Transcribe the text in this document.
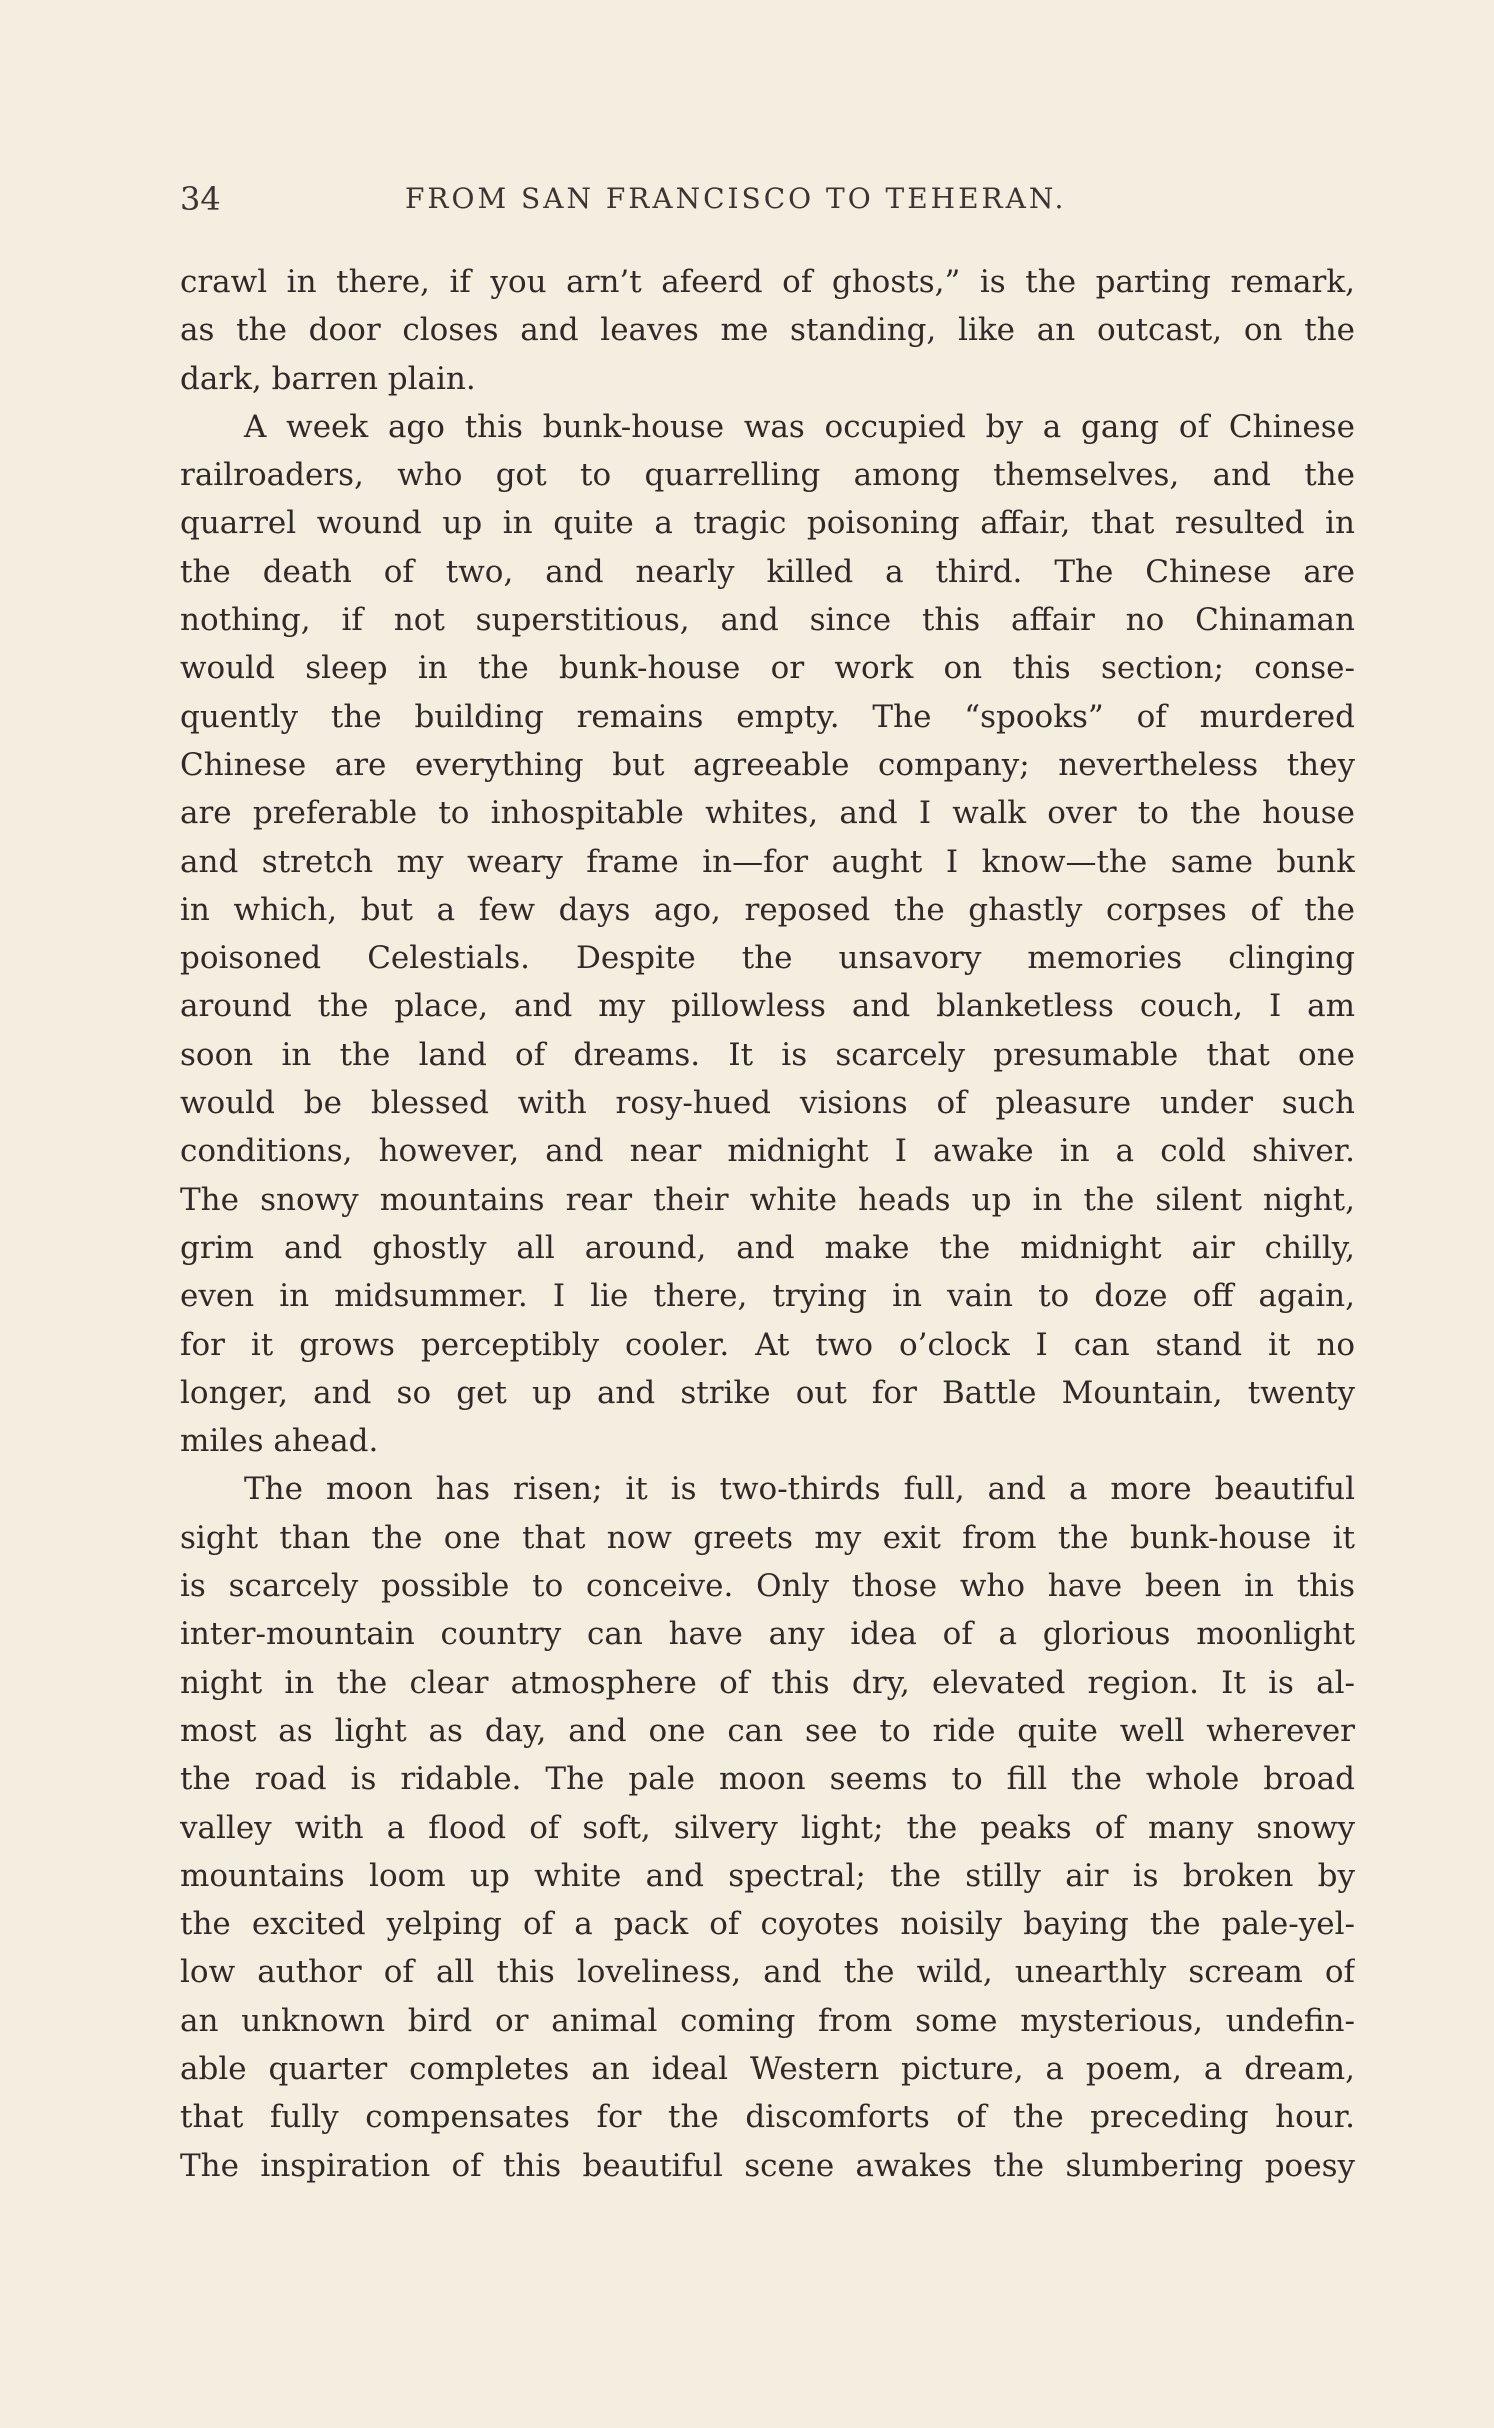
34	FROM SAN FRANCISCO TO TEHERAN.
crawl in there, if you arn’t afeerd of ghosts,” is the parting remark,
as the door closes and leaves me standing, like an outcast, on the
dark, barren plain.
A week ago this bunk-house was occupied by a gang of Chinese
railroaders, who got to quarrelling among themselves, and the
quarrel wound up in quite a tragic poisoning affair, that resulted in
the death of two, and nearly killed a third. The Chinese are
nothing, if not superstitious, and since this affair no Chinaman
would sleep in the bunk-house or work on this section; conse-
quently the building remains empty. The “spooks” of murdered
Chinese are everything but agreeable company; nevertheless they
are preferable to inhospitable whites, and I walk over to the house
and stretch my weary frame in—for aught I know—the same bunk
in which, but a few days ago, reposed the ghastly corpses of the
poisoned Celestials. Despite the unsavory memories clinging
around the place, and my pillowless and blanketless couch, I am
soon in the land of dreams. It is scarcely presumable that one
would be blessed with rosy-hued visions of pleasure under such
conditions, however, and near midnight I awake in a cold shiver.
The snowy mountains rear their white heads up in the silent night,
grim and ghostly all around, and make the midnight air chilly,
even in midsummer. I lie there, trying in vain to doze off again,
for it grows perceptibly cooler. At two o’clock I can stand it no
longer, and so get up and strike out for Battle Mountain, twenty
miles ahead.
The moon has risen; it is two-thirds full, and a more beautiful
sight than the one that now greets my exit from the bunk-house it
is scarcely possible to conceive. Only those who have been in this
inter-mountain country can have any idea of a glorious moonlight
night in the clear atmosphere of this dry, elevated region. It is al-
most as light as day, and one can see to ride quite well wherever
the road is ridable. The pale moon seems to fill the whole broad
valley with a flood of soft, silvery light; the peaks of many snowy
mountains loom up white and spectral; the stilly air is broken by
the excited yelping of a pack of coyotes noisily baying the pale-yel-
low author of all this loveliness, and the wild, unearthly scream of
an unknown bird or animal coming from some mysterious, undefin-
able quarter completes an ideal Western picture, a poem, a dream,
that fully compensates for the discomforts of the preceding hour.
The inspiration of this beautiful scene awakes the slumbering poesy
